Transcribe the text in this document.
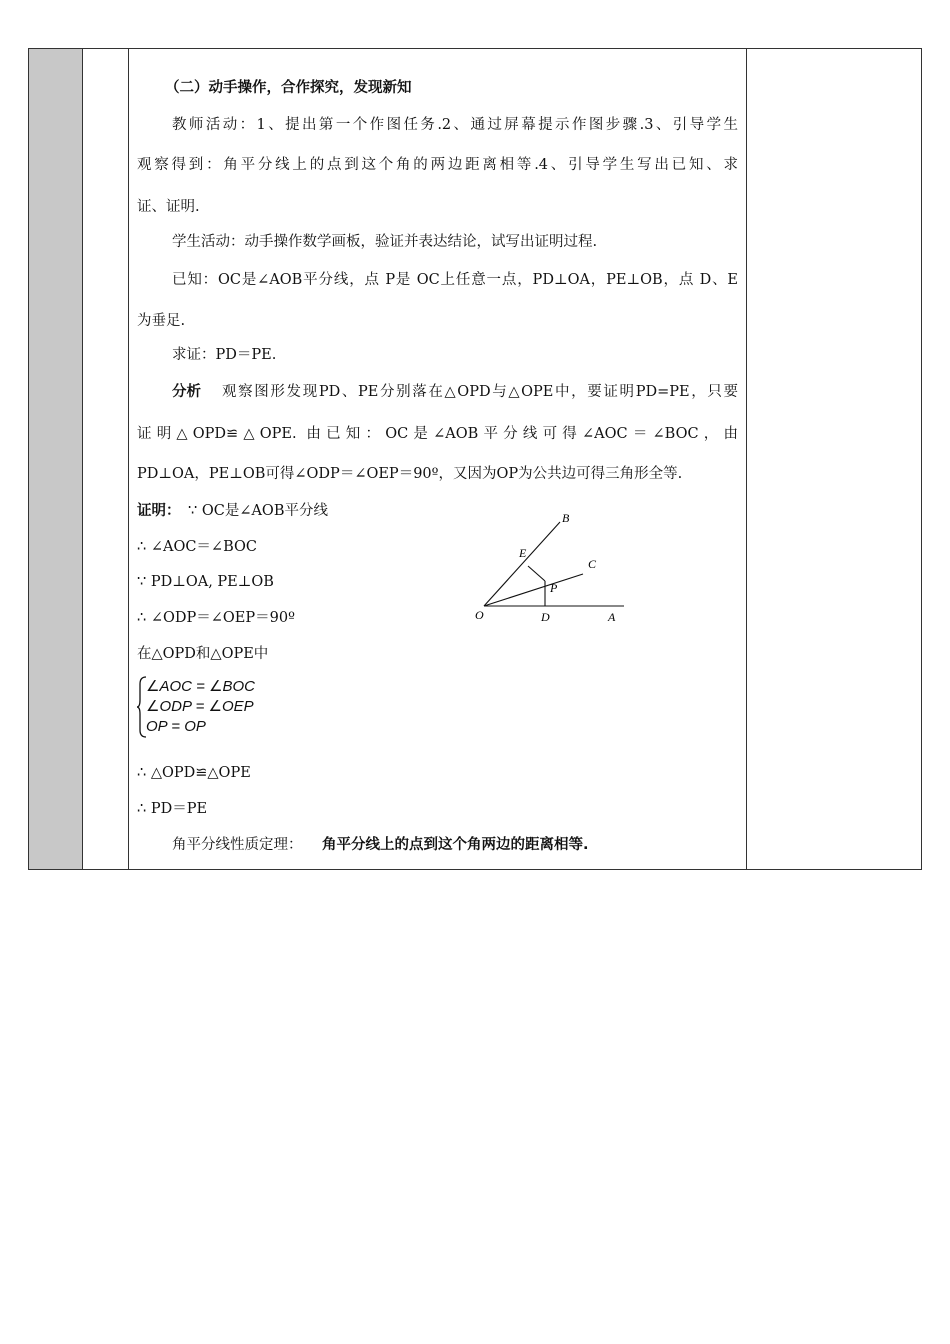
（二）动手操作，合作探究，发现新知
教师活动：1、提出第一个作图任务.2、通过屏幕提示作图步骤.3、引导学生
观察得到：角平分线上的点到这个角的两边距离相等.4、引导学生写出已知、求
证、证明.
学生活动：动手操作数学画板，验证并表达结论，试写出证明过程.
已知：OC是∠AOB平分线，点 P是 OC上任意一点，PD⊥OA，PE⊥OB，点 D、E
为垂足.
求证：PD＝PE.
分析 观察图形发现PD、PE分别落在△OPD与△OPE中，要证明PD=PE，只要
证明△OPD≌△OPE. 由已知：OC是∠AOB平分线可得∠AOC＝∠BOC，由
PD⊥OA，PE⊥OB可得∠ODP＝∠OEP＝90º，又因为OP为公共边可得三角形全等.
证明： ∵ OC是∠AOB平分线
∴ ∠AOC＝∠BOC
∵ PD⊥OA, PE⊥OB
∴ ∠ODP＝∠OEP＝90º
在△OPD和△OPE中
∠AOC = ∠BOC
∠ODP = ∠OEP
OP = OP
∴ △OPD≌△OPE
∴ PD＝PE
角平分线性质定理： 角平分线上的点到这个角两边的距离相等.
B
E
C
P
O	D	A
